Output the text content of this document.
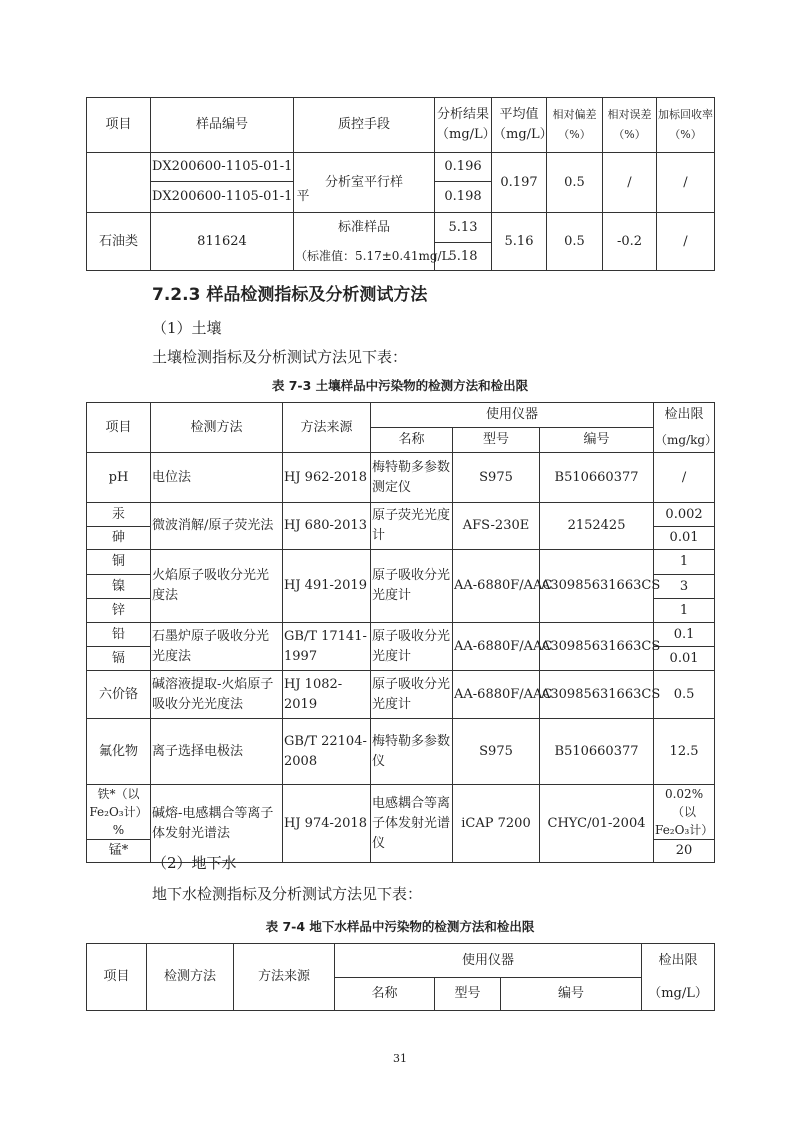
项目	样品编号	质控手段	分析结果（mg/L）	平均值（mg/L）	相对偏差（%）	相对误差（%）	加标回收率（%）
	DX200600-1105-01-1	分析室平行样	0.196	0.197	0.5	/	/
	DX200600-1105-01-1 平		0.198				
石油类	811624	标准样品	5.13	5.16	0.5	-0.2	/
		（标准值：5.17±0.41mg/L	5.18				
7.2.3 样品检测指标及分析测试方法
（1）土壤
土壤检测指标及分析测试方法见下表：
表 7-3 土壤样品中污染物的检测方法和检出限
项目	检测方法	方法来源	使用仪器			检出限
			名称	型号	编号	（mg/kg）
pH	电位法	HJ 962-2018	梅特勒多参数测定仪	S975	B510660377	/
汞	微波消解/原子荧光法	HJ 680-2013	原子荧光光度计	AFS-230E	2152425	0.002
砷						0.01
铜	火焰原子吸收分光光度法	HJ 491-2019	原子吸收分光光度计	AA-6880F/AAC	A30985631663CS	1
镍						3
锌						1
铅	石墨炉原子吸收分光光度法	GB/T 17141-1997	原子吸收分光光度计	AA-6880F/AAC	A30985631663CS	0.1
镉						0.01
六价铬	碱溶液提取-火焰原子吸收分光光度法	HJ 1082-2019	原子吸收分光光度计	AA-6880F/AAC	A30985631663CS	0.5
氟化物	离子选择电极法	GB/T 22104-2008	梅特勒多参数仪	S975	B510660377	12.5
铁*（以Fe₂O₃计）%	碱熔-电感耦合等离子体发射光谱法	HJ 974-2018	电感耦合等离子体发射光谱仪	iCAP 7200	CHYC/01-2004	0.02%（以Fe₂O₃计）
锰*						20
（2）地下水
地下水检测指标及分析测试方法见下表：
表 7-4 地下水样品中污染物的检测方法和检出限
项目	检测方法	方法来源	使用仪器			检出限
			名称	型号	编号	（mg/L）
31
